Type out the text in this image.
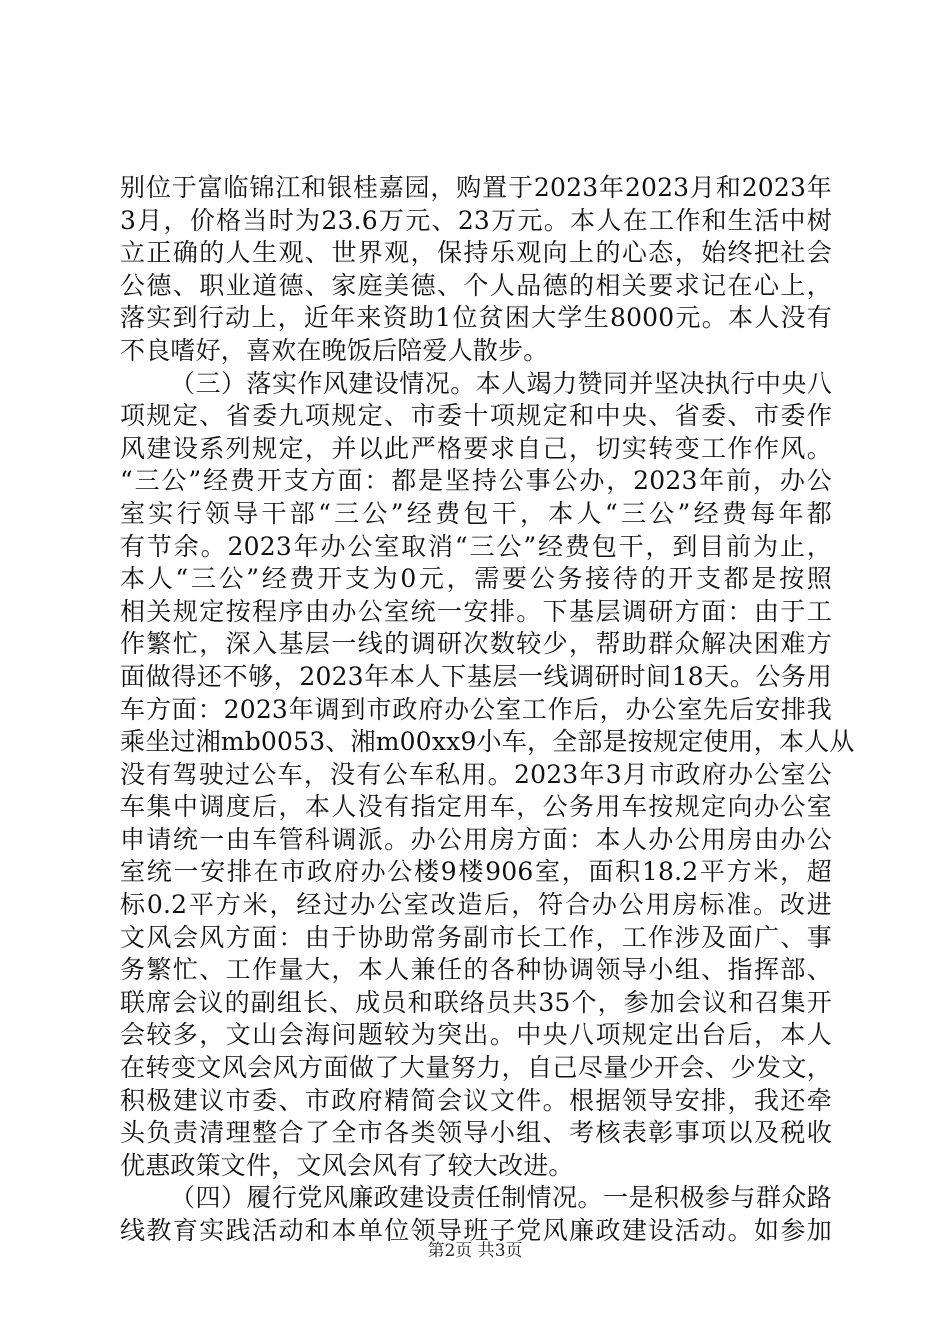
别位于富临锦江和银桂嘉园，购置于2023年2023月和2023年
3月，价格当时为23.6万元、23万元。本人在工作和生活中树
立正确的人生观、世界观，保持乐观向上的心态，始终把社会
公德、职业道德、家庭美德、个人品德的相关要求记在心上，
落实到行动上，近年来资助1位贫困大学生8000元。本人没有
不良嗜好，喜欢在晚饭后陪爱人散步。
（三）落实作风建设情况。本人竭力赞同并坚决执行中央八
项规定、省委九项规定、市委十项规定和中央、省委、市委作
风建设系列规定，并以此严格要求自己，切实转变工作作风。
“三公”经费开支方面：都是坚持公事公办，2023年前，办公
室实行领导干部“三公”经费包干，本人“三公”经费每年都
有节余。2023年办公室取消“三公”经费包干，到目前为止，
本人“三公”经费开支为0元，需要公务接待的开支都是按照
相关规定按程序由办公室统一安排。下基层调研方面：由于工
作繁忙，深入基层一线的调研次数较少，帮助群众解决困难方
面做得还不够，2023年本人下基层一线调研时间18天。公务用
车方面：2023年调到市政府办公室工作后，办公室先后安排我
乘坐过湘mb0053、湘m00xx9小车，全部是按规定使用，本人从
没有驾驶过公车，没有公车私用。2023年3月市政府办公室公
车集中调度后，本人没有指定用车，公务用车按规定向办公室
申请统一由车管科调派。办公用房方面：本人办公用房由办公
室统一安排在市政府办公楼9楼906室，面积18.2平方米，超
标0.2平方米，经过办公室改造后，符合办公用房标准。改进
文风会风方面：由于协助常务副市长工作，工作涉及面广、事
务繁忙、工作量大，本人兼任的各种协调领导小组、指挥部、
联席会议的副组长、成员和联络员共35个，参加会议和召集开
会较多，文山会海问题较为突出。中央八项规定出台后，本人
在转变文风会风方面做了大量努力，自己尽量少开会、少发文，
积极建议市委、市政府精简会议文件。根据领导安排，我还牵
头负责清理整合了全市各类领导小组、考核表彰事项以及税收
优惠政策文件，文风会风有了较大改进。
（四）履行党风廉政建设责任制情况。一是积极参与群众路
线教育实践活动和本单位领导班子党风廉政建设活动。如参加
第2页 共3页
